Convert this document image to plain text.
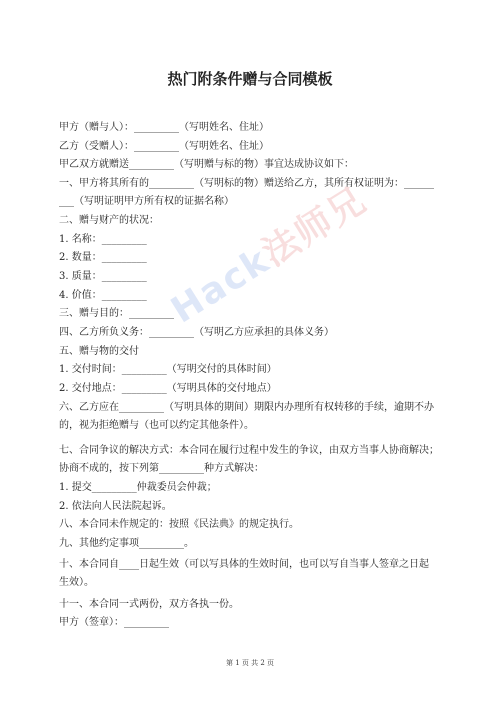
热门附条件赠与合同模板
甲方（赠与人）：_________（写明姓名、住址）
乙方（受赠人）：_________（写明姓名、住址）
甲乙双方就赠送_________（写明赠与标的物）事宜达成协议如下：
一、甲方将其所有的_________（写明标的物）赠送给乙方，其所有权证明为：______
___（写明证明甲方所有权的证据名称）
二、赠与财产的状况：
1. 名称：_________
2. 数量：_________
3. 质量：_________
4. 价值：_________
三、赠与目的：_________
四、乙方所负义务：_________（写明乙方应承担的具体义务）
五、赠与物的交付
1. 交付时间：_________（写明交付的具体时间）
2. 交付地点：_________（写明具体的交付地点）
六、乙方应在_________（写明具体的期间）期限内办理所有权转移的手续，逾期不办
的，视为拒绝赠与（也可以约定其他条件）。
七、合同争议的解决方式：本合同在履行过程中发生的争议，由双方当事人协商解决；
协商不成的，按下列第_________种方式解决：
1. 提交_________仲裁委员会仲裁；
2. 依法向人民法院起诉。
八、本合同未作规定的：按照《民法典》的规定执行。
九、其他约定事项_________。
十、本合同自____日起生效（可以写具体的生效时间，也可以写自当事人签章之日起
生效）。
十一、本合同一式两份，双方各执一份。
甲方（签章）：_________
第 1 页 共 2 页
Hack法师兄
